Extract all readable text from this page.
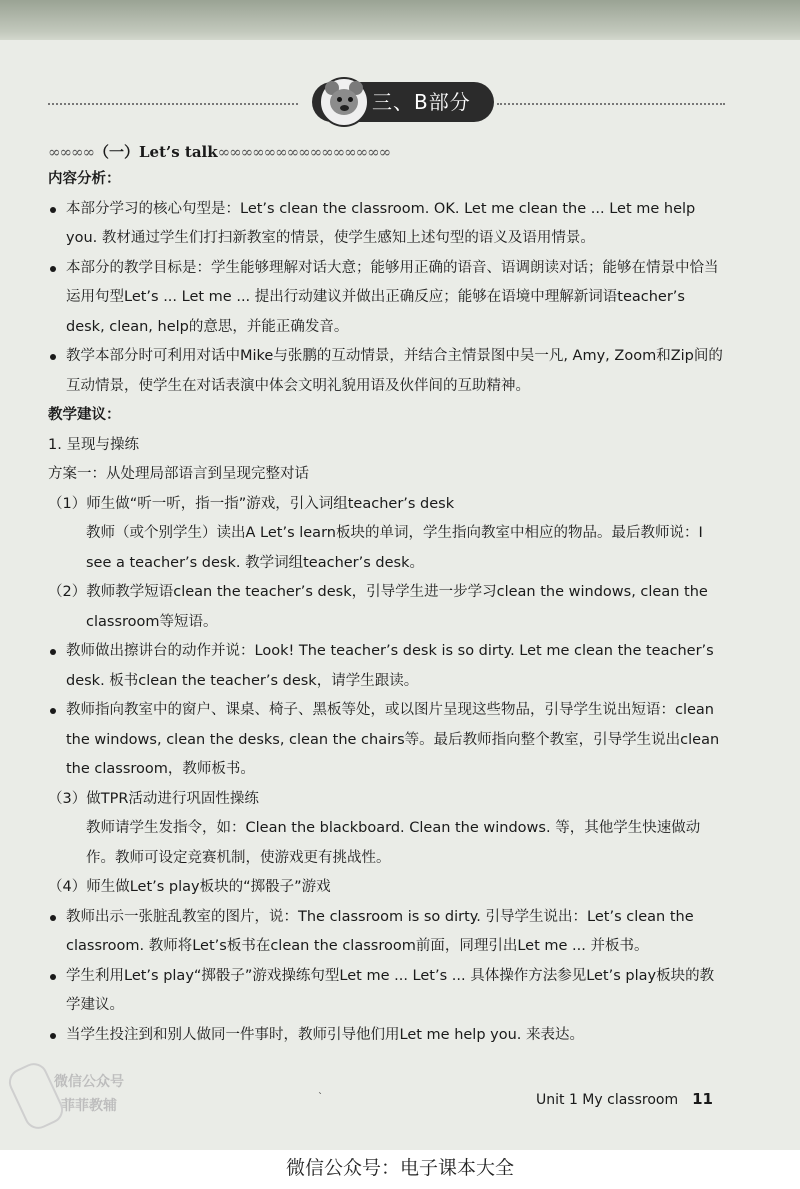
三、B部分
∞∞∞∞（一）Let’s talk∞∞∞∞∞∞∞∞∞∞∞∞∞∞∞

内容分析：

本部分学习的核心句型是：Let’s clean the classroom. OK. Let me clean the ... Let me help you. 教材通过学生们打扫新教室的情景，使学生感知上述句型的语义及语用情景。

本部分的教学目标是：学生能够理解对话大意；能够用正确的语音、语调朗读对话；能够在情景中恰当运用句型Let’s ... Let me ... 提出行动建议并做出正确反应；能够在语境中理解新词语teacher’s desk, clean, help的意思，并能正确发音。

教学本部分时可利用对话中Mike与张鹏的互动情景，并结合主情景图中吴一凡, Amy, Zoom和Zip间的互动情景，使学生在对话表演中体会文明礼貌用语及伙伴间的互助精神。

教学建议：

1. 呈现与操练

方案一：从处理局部语言到呈现完整对话

（1）师生做“听一听，指一指”游戏，引入词组teacher’s desk

教师（或个别学生）读出A Let’s learn板块的单词，学生指向教室中相应的物品。最后教师说：I see a teacher’s desk. 教学词组teacher’s desk。

（2）教师教学短语clean the teacher’s desk，引导学生进一步学习clean the windows, clean the classroom等短语。

教师做出擦讲台的动作并说：Look! The teacher’s desk is so dirty. Let me clean the teacher’s desk. 板书clean the teacher’s desk，请学生跟读。

教师指向教室中的窗户、课桌、椅子、黑板等处，或以图片呈现这些物品，引导学生说出短语：clean the windows, clean the desks, clean the chairs等。最后教师指向整个教室，引导学生说出clean the classroom，教师板书。

（3）做TPR活动进行巩固性操练

教师请学生发指令，如：Clean the blackboard. Clean the windows. 等，其他学生快速做动作。教师可设定竞赛机制，使游戏更有挑战性。

（4）师生做Let’s play板块的“掷骰子”游戏

教师出示一张脏乱教室的图片，说：The classroom is so dirty. 引导学生说出：Let’s clean the classroom. 教师将Let’s板书在clean the classroom前面，同理引出Let me ... 并板书。

学生利用Let’s play“掷骰子”游戏操练句型Let me ... Let’s ... 具体操作方法参见Let’s play板块的教学建议。

当学生投注到和别人做同一件事时，教师引导他们用Let me help you. 来表达。

微信公众号
菲菲教辅
`	Unit 1 My classroom 11
微信公众号：电子课本大全
